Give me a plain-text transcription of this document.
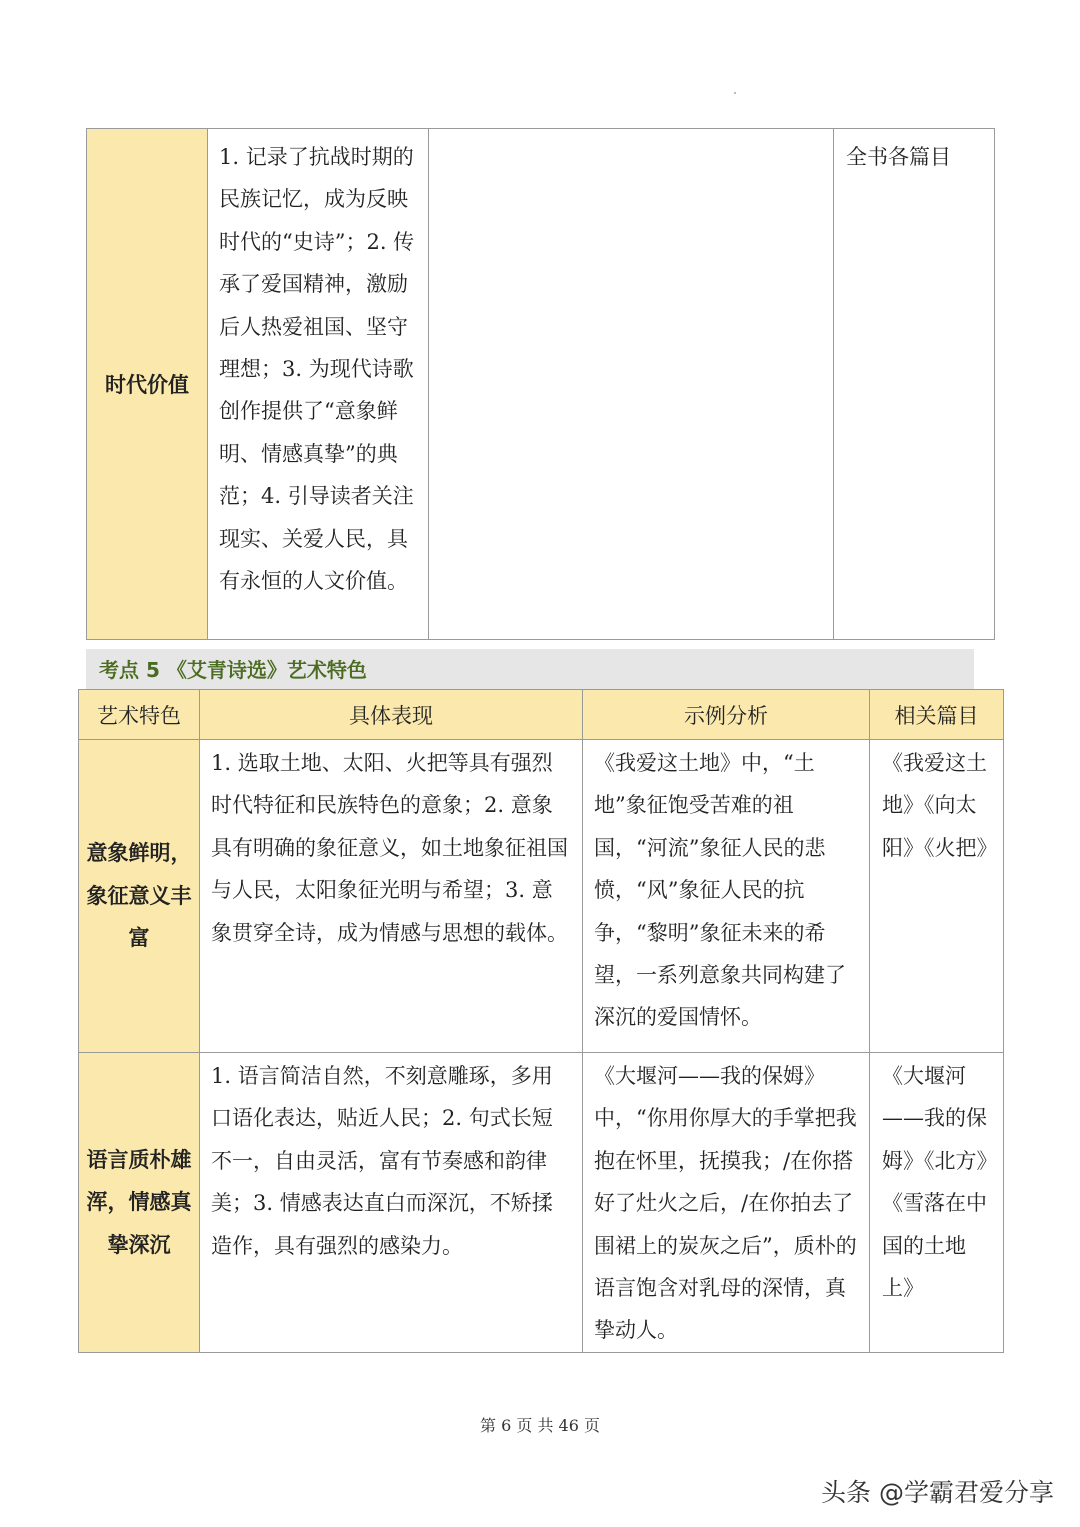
时代价值	1. 记录了抗战时期的民族记忆，成为反映时代的“史诗”；2. 传承了爱国精神，激励后人热爱祖国、坚守理想；3. 为现代诗歌创作提供了“意象鲜明、情感真挚”的典范；4. 引导读者关注现实、关爱人民，具有永恒的人文价值。		全书各篇目
考点 5 《艾青诗选》艺术特色
艺术特色	具体表现	示例分析	相关篇目
意象鲜明，象征意义丰富	1. 选取土地、太阳、火把等具有强烈时代特征和民族特色的意象；2. 意象具有明确的象征意义，如土地象征祖国与人民，太阳象征光明与希望；3. 意象贯穿全诗，成为情感与思想的载体。	《我爱这土地》中，“土地”象征饱受苦难的祖国，“河流”象征人民的悲愤，“风”象征人民的抗争，“黎明”象征未来的希望，一系列意象共同构建了深沉的爱国情怀。	《我爱这土地》《向太阳》《火把》
语言质朴雄浑，情感真挚深沉	1. 语言简洁自然，不刻意雕琢，多用口语化表达，贴近人民；2. 句式长短不一，自由灵活，富有节奏感和韵律美；3. 情感表达直白而深沉，不矫揉造作，具有强烈的感染力。	《大堰河——我的保姆》中，“你用你厚大的手掌把我抱在怀里，抚摸我；/在你搭好了灶火之后，/在你拍去了围裙上的炭灰之后”，质朴的语言饱含对乳母的深情，真挚动人。	《大堰河——我的保姆》《北方》《雪落在中国的土地上》
第 6 页 共 46 页
头条 @学霸君爱分享
